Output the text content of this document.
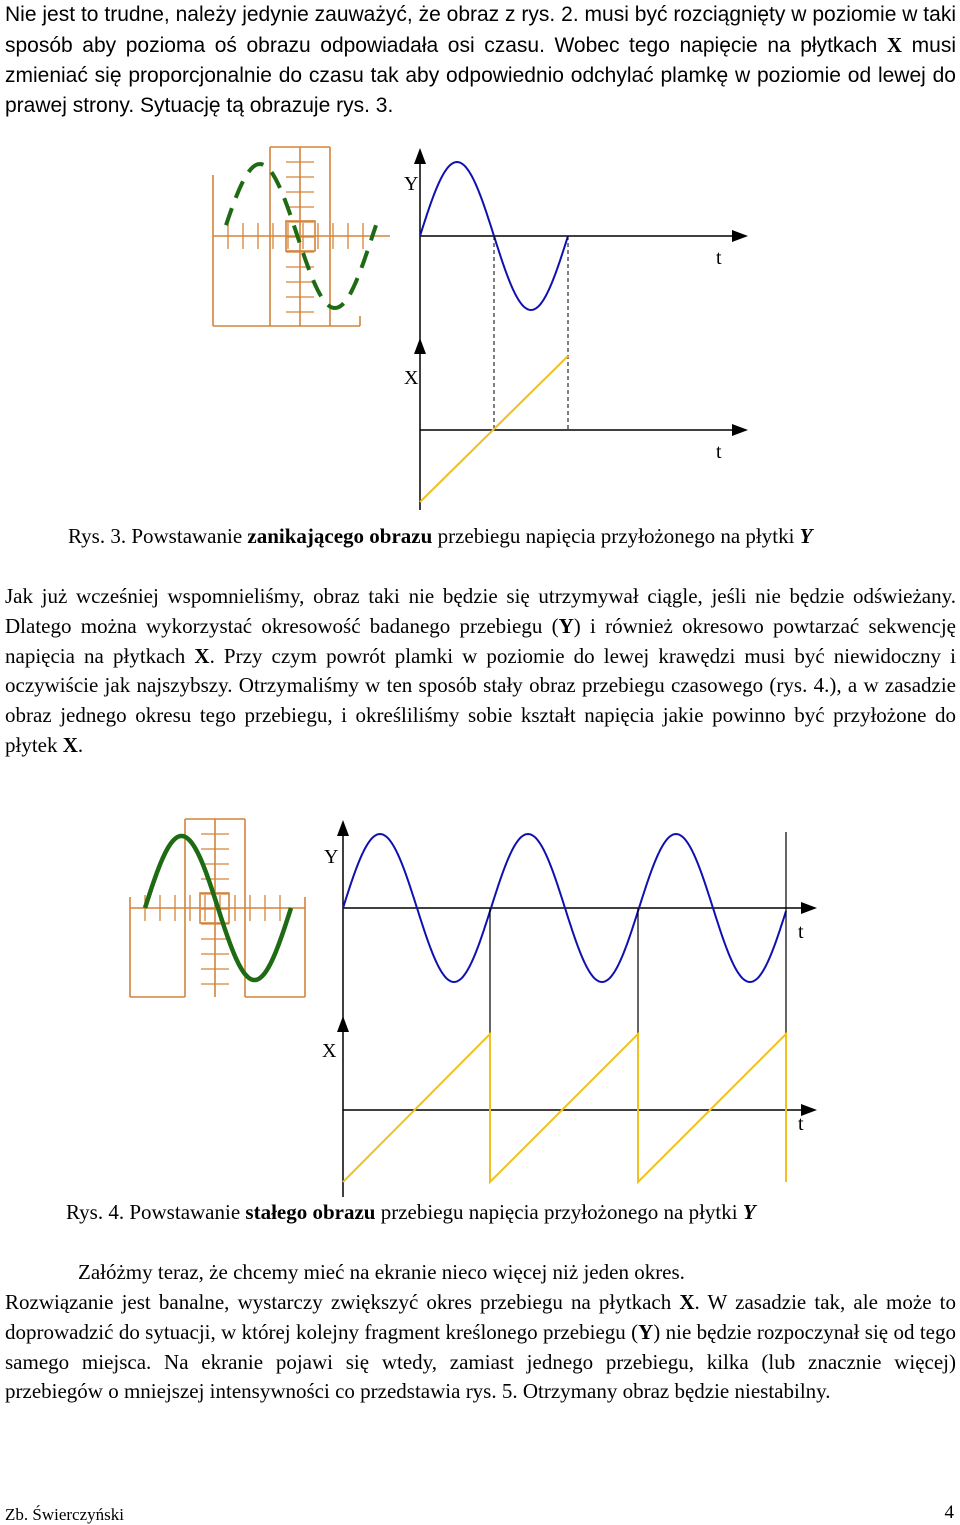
Nie jest to trudne, należy jedynie zauważyć, że obraz z rys. 2. musi być rozciągnięty w poziomie w taki sposób aby pozioma oś obrazu odpowiadała osi czasu. Wobec tego napięcie na płytkach X musi zmieniać się proporcjonalnie do czasu tak aby odpowiednio odchylać plamkę w poziomie od lewej do prawej strony. Sytuację tą obrazuje rys. 3.

Y
X
t
t
Rys. 3. Powstawanie zanikającego obrazu przebiegu napięcia przyłożonego na płytki Y

Jak już wcześniej wspomnieliśmy, obraz taki nie będzie się utrzymywał ciągle, jeśli nie będzie odświeżany. Dlatego można wykorzystać okresowość badanego przebiegu (Y) i również okresowo powtarzać sekwencję napięcia na płytkach X. Przy czym powrót plamki w poziomie do lewej krawędzi musi być niewidoczny i oczywiście jak najszybszy. Otrzymaliśmy w ten sposób stały obraz przebiegu czasowego (rys. 4.), a w zasadzie obraz jednego okresu tego przebiegu, i określiliśmy sobie kształt napięcia jakie powinno być przyłożone do płytek X.

Y
X
t
t
Rys. 4. Powstawanie stałego obrazu przebiegu napięcia przyłożonego na płytki Y

Załóżmy teraz, że chcemy mieć na ekranie nieco więcej niż jeden okres.

Rozwiązanie jest banalne, wystarczy zwiększyć okres przebiegu na płytkach X. W zasadzie tak, ale może to doprowadzić do sytuacji, w której kolejny fragment kreślonego przebiegu (Y) nie będzie rozpoczynał się od tego samego miejsca. Na ekranie pojawi się wtedy, zamiast jednego przebiegu, kilka (lub znacznie więcej) przebiegów o mniejszej intensywności co przedstawia rys. 5. Otrzymany obraz będzie niestabilny.

Zb. Świerczyński	4
